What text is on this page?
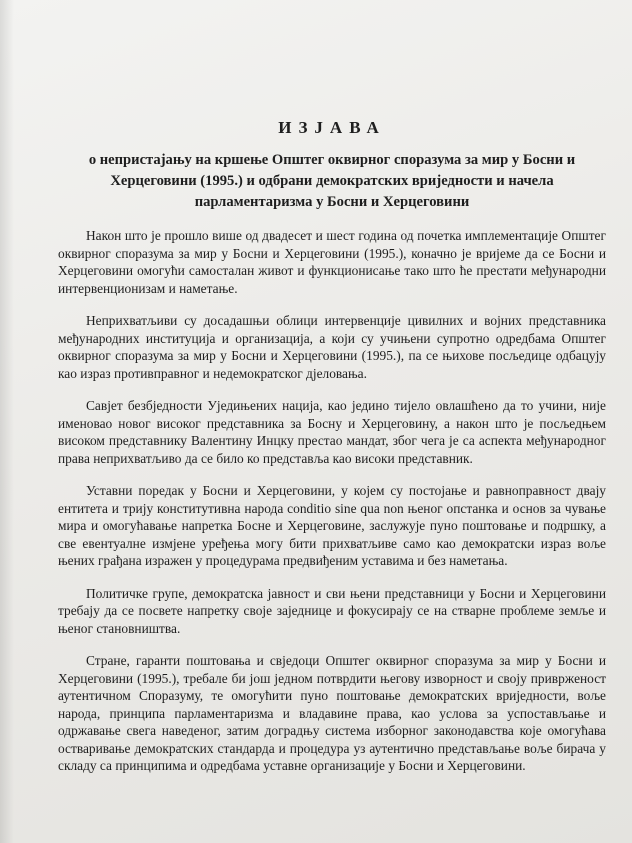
ИЗЈАВА
о непристајању на кршење Општег оквирног споразума за мир у Босни и Херцеговини (1995.) и одбрани демократских вриједности и начела парламентаризма у Босни и Херцеговини

Након што је прошло више од двадесет и шест година од почетка имплементације Општег оквирног споразума за мир у Босни и Херцеговини (1995.), коначно је вријеме да се Босни и Херцеговини омогући самосталан живот и функционисање тако што ће престати међународни интервенционизам и наметање.

Неприхватљиви су досадашњи облици интервенције цивилних и војних представника међународних институција и организација, а који су учињени супротно одредбама Општег оквирног споразума за мир у Босни и Херцеговини (1995.), па се њихове посљедице одбацују као израз противправног и недемократског дјеловања.

Савјет безбједности Уједињених нација, као једино тијело овлашћено да то учини, није именовао новог високог представника за Босну и Херцеговину, а након што је посљедњем високом представнику Валентину Инцку престао мандат, због чега је са аспекта међународног права неприхватљиво да се било ко представља као високи представник.

Уставни поредак у Босни и Херцеговини, у којем су постојање и равноправност двају ентитета и трију конститутивна народа conditio sine qua non њеног опстанка и основ за чување мира и омогућавање напретка Босне и Херцеговине, заслужује пуно поштовање и подршку, а све евентуалне измјене уређења могу бити прихватљиве само као демократски израз воље њених грађана изражен у процедурама предвиђеним уставима и без наметања.

Политичке групе, демократска јавност и сви њени представници у Босни и Херцеговини требају да се посвете напретку своје заједнице и фокусирају се на стварне проблеме земље и њеног становништва.

Стране, гаранти поштовања и свједоци Општег оквирног споразума за мир у Босни и Херцеговини (1995.), требале би још једном потврдити његову изворност и своју привржeност аутентичном Споразуму, те омогућити пуно поштовање демократских вриједности, воље народа, принципа парламентаризма и владавине права, као услова за успостављање и одржавање свега наведеног, затим доградњу система изборног законодавства које омогућава остваривање демократских стандарда и процедура уз аутентично представљање воље бирача у складу са принципима и одредбама уставне организације у Босни и Херцеговини.
